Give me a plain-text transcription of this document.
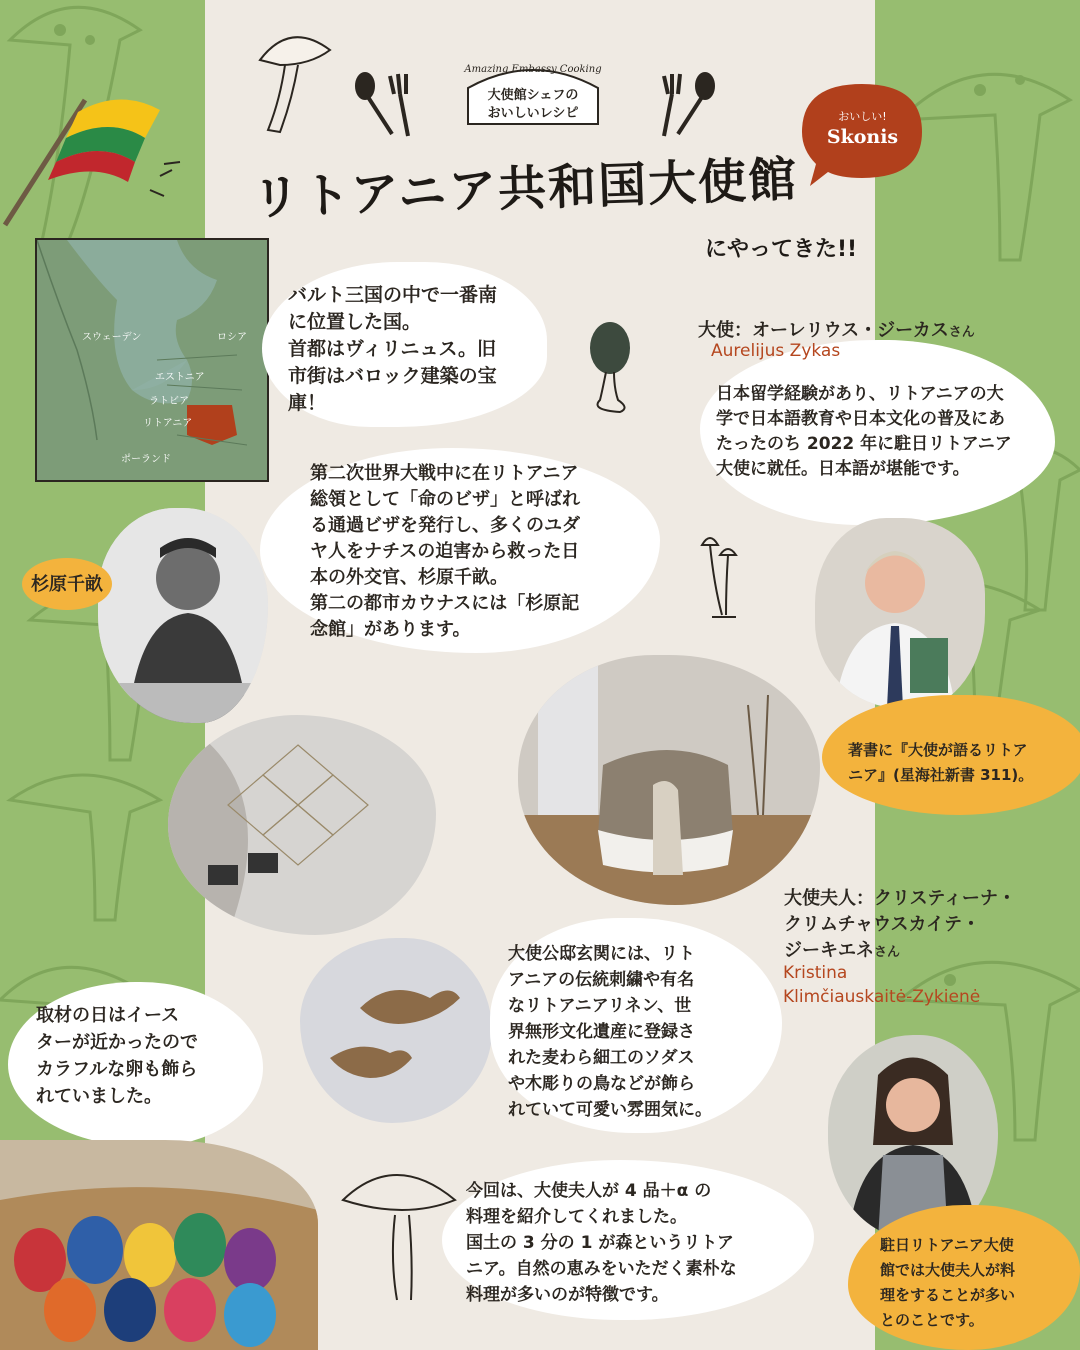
Amazing Embassy Cooking
大使館シェフの
おいしいレシピ
リトアニア共和国大使館
にやってきた!!
おいしい!
Skonis
スウェーデン	ロシア
エストニア
ラトビア
リトアニア
ポーランド
バルト三国の中で一番南
に位置した国。
首都はヴィリニュス。旧
市街はバロック建築の宝
庫！
第二次世界大戦中に在リトアニア
総領として「命のビザ」と呼ばれ
る通過ビザを発行し、多くのユダ
ヤ人をナチスの迫害から救った日
本の外交官、杉原千畝。
第二の都市カウナスには「杉原記
念館」があります。
杉原千畝
大使：オーレリウス・ジーカスさん
Aurelijus Zykas
日本留学経験があり、リトアニアの大
学で日本語教育や日本文化の普及にあ
たったのち 2022 年に駐日リトアニア
大使に就任。日本語が堪能です。
著書に『大使が語るリトア
ニア』(星海社新書 311)。
大使公邸玄関には、リト
アニアの伝統刺繍や有名
なリトアニアリネン、世
界無形文化遺産に登録さ
れた麦わら細工のソダス
や木彫りの鳥などが飾ら
れていて可愛い雰囲気に。
大使夫人：クリスティーナ・
クリムチャウスカイテ・
ジーキエネさん
Kristina
Klimčiauskaitė-Zykienė
駐日リトアニア大使
館では大使夫人が料
理をすることが多い
とのことです。
取材の日はイース
ターが近かったので
カラフルな卵も飾ら
れていました。
今回は、大使夫人が 4 品＋α の
料理を紹介してくれました。
国土の 3 分の 1 が森というリトア
ニア。自然の恵みをいただく素朴な
料理が多いのが特徴です。
